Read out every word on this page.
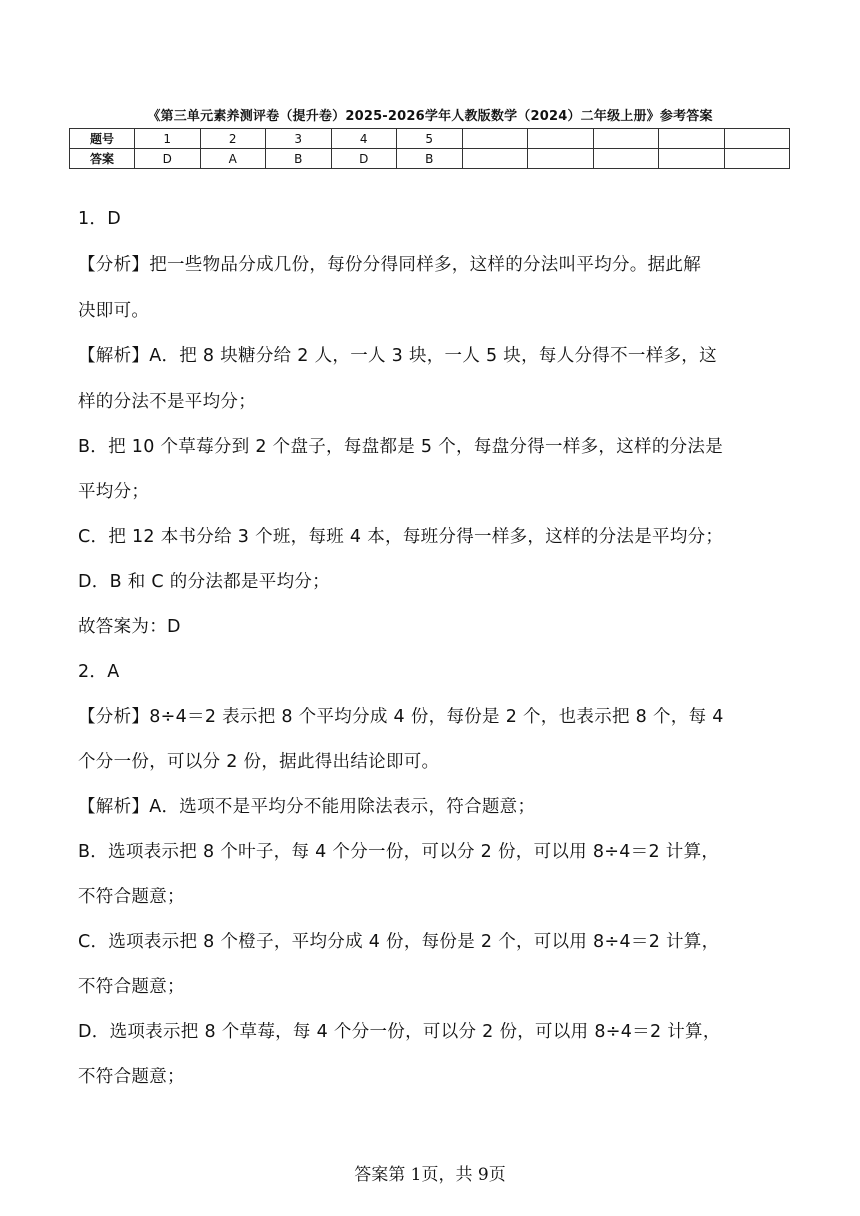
《第三单元素养测评卷（提升卷）2025-2026学年人教版数学（2024）二年级上册》参考答案
题号	1	2	3	4	5					
答案	D	A	B	D	B					
1．D
【分析】把一些物品分成几份，每份分得同样多，这样的分法叫平均分。据此解
决即可。
【解析】A．把 8 块糖分给 2 人，一人 3 块，一人 5 块，每人分得不一样多，这
样的分法不是平均分；
B．把 10 个草莓分到 2 个盘子，每盘都是 5 个，每盘分得一样多，这样的分法是
平均分；
C．把 12 本书分给 3 个班，每班 4 本，每班分得一样多，这样的分法是平均分；
D．B 和 C 的分法都是平均分；
故答案为：D
2．A
【分析】8÷4＝2 表示把 8 个平均分成 4 份，每份是 2 个，也表示把 8 个，每 4
个分一份，可以分 2 份，据此得出结论即可。
【解析】A．选项不是平均分不能用除法表示，符合题意；
B．选项表示把 8 个叶子，每 4 个分一份，可以分 2 份，可以用 8÷4＝2 计算，
不符合题意；
C．选项表示把 8 个橙子，平均分成 4 份，每份是 2 个，可以用 8÷4＝2 计算，
不符合题意；
D．选项表示把 8 个草莓，每 4 个分一份，可以分 2 份，可以用 8÷4＝2 计算，
不符合题意；
答案第 1页，共 9页
